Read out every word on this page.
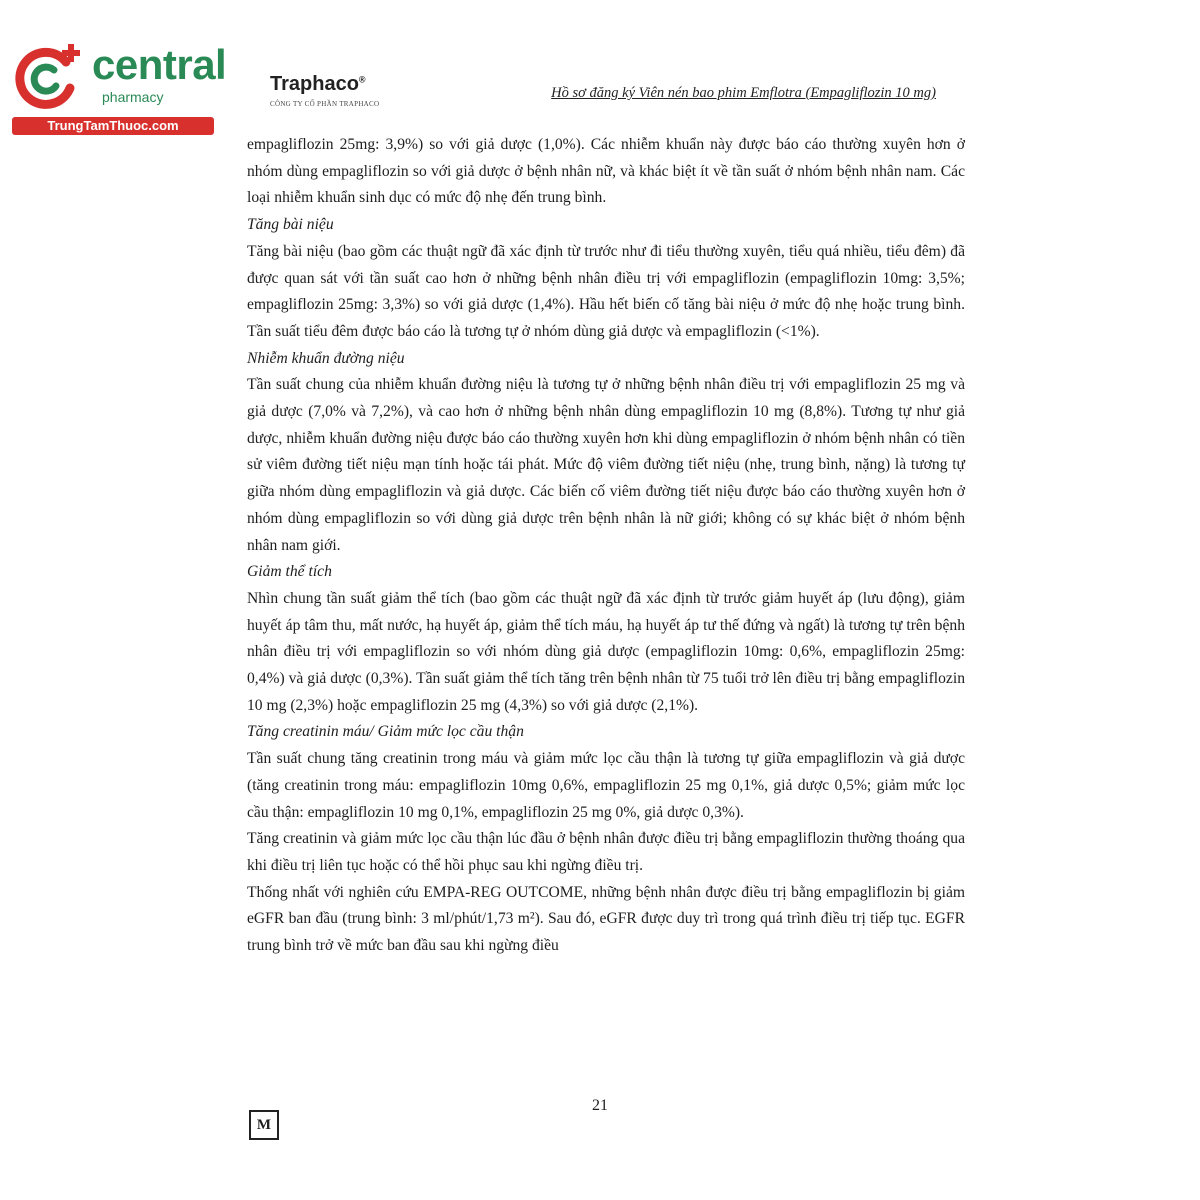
central
pharmacy
TrungTamThuoc.com
Traphaco®
CÔNG TY CỔ PHẦN TRAPHACO
Hồ sơ đăng ký Viên nén bao phim Emflotra (Empagliflozin 10 mg)

empagliflozin 25mg: 3,9%) so với giả dược (1,0%). Các nhiễm khuẩn này được báo cáo thường xuyên hơn ở nhóm dùng empagliflozin so với giả dược ở bệnh nhân nữ, và khác biệt ít về tần suất ở nhóm bệnh nhân nam. Các loại nhiễm khuẩn sinh dục có mức độ nhẹ đến trung bình.

Tăng bài niệu

Tăng bài niệu (bao gồm các thuật ngữ đã xác định từ trước như đi tiểu thường xuyên, tiểu quá nhiều, tiểu đêm) đã được quan sát với tần suất cao hơn ở những bệnh nhân điều trị với empagliflozin (empagliflozin 10mg: 3,5%; empagliflozin 25mg: 3,3%) so với giả dược (1,4%). Hầu hết biến cố tăng bài niệu ở mức độ nhẹ hoặc trung bình. Tần suất tiểu đêm được báo cáo là tương tự ở nhóm dùng giả dược và empagliflozin (<1%).

Nhiễm khuẩn đường niệu

Tần suất chung của nhiễm khuẩn đường niệu là tương tự ở những bệnh nhân điều trị với empagliflozin 25 mg và giả dược (7,0% và 7,2%), và cao hơn ở những bệnh nhân dùng empagliflozin 10 mg (8,8%). Tương tự như giả dược, nhiễm khuẩn đường niệu được báo cáo thường xuyên hơn khi dùng empagliflozin ở nhóm bệnh nhân có tiền sử viêm đường tiết niệu mạn tính hoặc tái phát. Mức độ viêm đường tiết niệu (nhẹ, trung bình, nặng) là tương tự giữa nhóm dùng empagliflozin và giả dược. Các biến cố viêm đường tiết niệu được báo cáo thường xuyên hơn ở nhóm dùng empagliflozin so với dùng giả dược trên bệnh nhân là nữ giới; không có sự khác biệt ở nhóm bệnh nhân nam giới.

Giảm thể tích

Nhìn chung tần suất giảm thể tích (bao gồm các thuật ngữ đã xác định từ trước giảm huyết áp (lưu động), giảm huyết áp tâm thu, mất nước, hạ huyết áp, giảm thể tích máu, hạ huyết áp tư thế đứng và ngất) là tương tự trên bệnh nhân điều trị với empagliflozin so với nhóm dùng giả dược (empagliflozin 10mg: 0,6%, empagliflozin 25mg: 0,4%) và giả dược (0,3%). Tần suất giảm thể tích tăng trên bệnh nhân từ 75 tuổi trở lên điều trị bằng empagliflozin 10 mg (2,3%) hoặc empagliflozin 25 mg (4,3%) so với giả dược (2,1%).

Tăng creatinin máu/ Giảm mức lọc cầu thận

Tần suất chung tăng creatinin trong máu và giảm mức lọc cầu thận là tương tự giữa empagliflozin và giả dược (tăng creatinin trong máu: empagliflozin 10mg 0,6%, empagliflozin 25 mg 0,1%, giả dược 0,5%; giảm mức lọc cầu thận: empagliflozin 10 mg 0,1%, empagliflozin 25 mg 0%, giả dược 0,3%).

Tăng creatinin và giảm mức lọc cầu thận lúc đầu ở bệnh nhân được điều trị bằng empagliflozin thường thoáng qua khi điều trị liên tục hoặc có thể hồi phục sau khi ngừng điều trị.

Thống nhất với nghiên cứu EMPA-REG OUTCOME, những bệnh nhân được điều trị bằng empagliflozin bị giảm eGFR ban đầu (trung bình: 3 ml/phút/1,73 m²). Sau đó, eGFR được duy trì trong quá trình điều trị tiếp tục. EGFR trung bình trở về mức ban đầu sau khi ngừng điều

21
M
